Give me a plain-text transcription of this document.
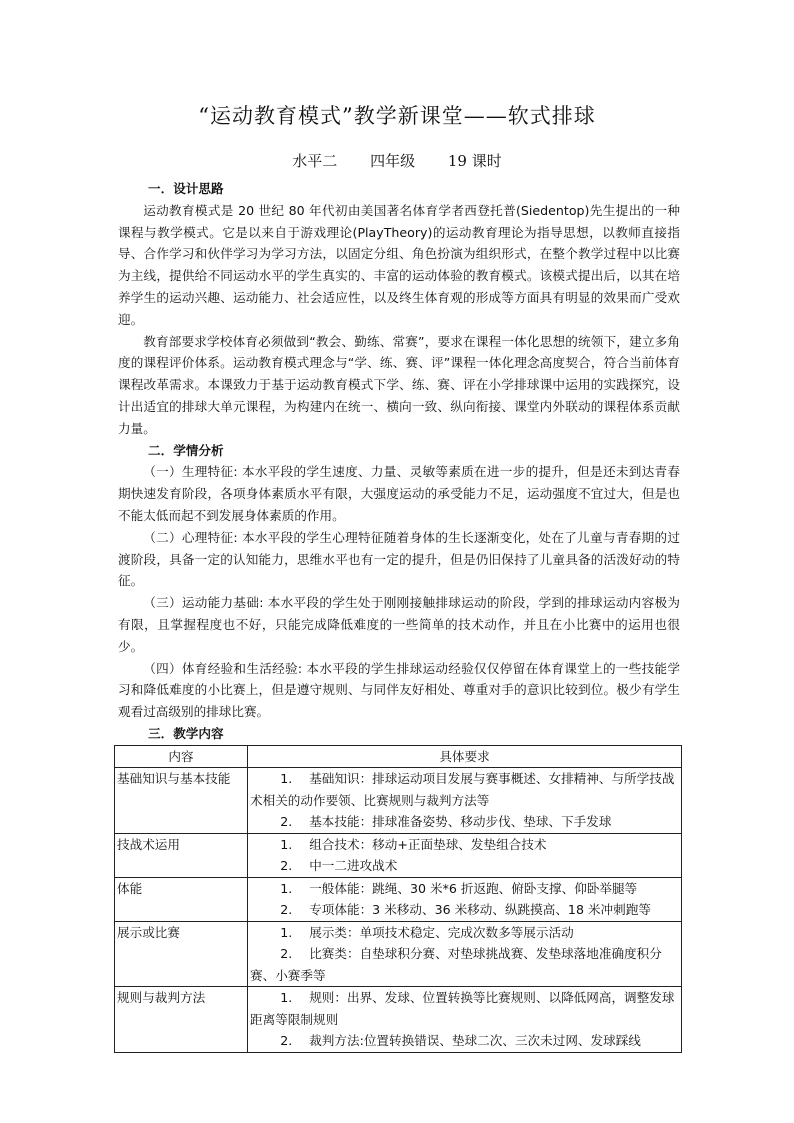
“运动教育模式”教学新课堂——软式排球
水平二 四年级 19 课时
一．设计思路

运动教育模式是 20 世纪 80 年代初由美国著名体育学者西登托普(Siedentop)先生提出的一种课程与教学模式。它是以来自于游戏理论(PlayTheory)的运动教育理论为指导思想，以教师直接指导、合作学习和伙伴学习为学习方法，以固定分组、角色扮演为组织形式，在整个教学过程中以比赛为主线，提供给不同运动水平的学生真实的、丰富的运动体验的教育模式。该模式提出后，以其在培养学生的运动兴趣、运动能力、社会适应性，以及终生体育观的形成等方面具有明显的效果而广受欢迎。

教育部要求学校体育必须做到“教会、勤练、常赛”，要求在课程一体化思想的统领下，建立多角度的课程评价体系。运动教育模式理念与“学、练、赛、评”课程一体化理念高度契合，符合当前体育课程改革需求。本课致力于基于运动教育模式下学、练、赛、评在小学排球课中运用的实践探究，设计出适宜的排球大单元课程，为构建内在统一、横向一致、纵向衔接、课堂内外联动的课程体系贡献力量。

二．学情分析

（一）生理特征: 本水平段的学生速度、力量、灵敏等素质在进一步的提升，但是还未到达青春期快速发育阶段，各项身体素质水平有限，大强度运动的承受能力不足，运动强度不宜过大，但是也不能太低而起不到发展身体素质的作用。

（二）心理特征: 本水平段的学生心理特征随着身体的生长逐渐变化，处在了儿童与青春期的过渡阶段，具备一定的认知能力，思维水平也有一定的提升，但是仍旧保持了儿童具备的活泼好动的特征。

（三）运动能力基础: 本水平段的学生处于刚刚接触排球运动的阶段，学到的排球运动内容极为有限，且掌握程度也不好，只能完成降低难度的一些简单的技术动作，并且在小比赛中的运用也很少。

（四）体育经验和生活经验: 本水平段的学生排球运动经验仅仅停留在体育课堂上的一些技能学习和降低难度的小比赛上，但是遵守规则、与同伴友好相处、尊重对手的意识比较到位。极少有学生观看过高级别的排球比赛。

三．教学内容
内容	具体要求
基础知识与基本技能	1. 基础知识：排球运动项目发展与赛事概述、女排精神、与所学技战术相关的动作要领、比赛规则与裁判方法等
2. 基本技能：排球准备姿势、移动步伐、垫球、下手发球

技战术运用	1. 组合技术：移动+正面垫球、发垫组合技术
2. 中一二进攻战术

体能	1. 一般体能：跳绳、30 米*6 折返跑、俯卧支撑、仰卧举腿等
2. 专项体能：3 米移动、36 米移动、纵跳摸高、18 米冲刺跑等

展示或比赛	1. 展示类：单项技术稳定、完成次数多等展示活动
2. 比赛类：自垫球积分赛、对垫球挑战赛、发垫球落地准确度积分赛、小赛季等

规则与裁判方法	1. 规则：出界、发球、位置转换等比赛规则、以降低网高，调整发球距离等限制规则
2. 裁判方法:位置转换错误、垫球二次、三次未过网、发球踩线
